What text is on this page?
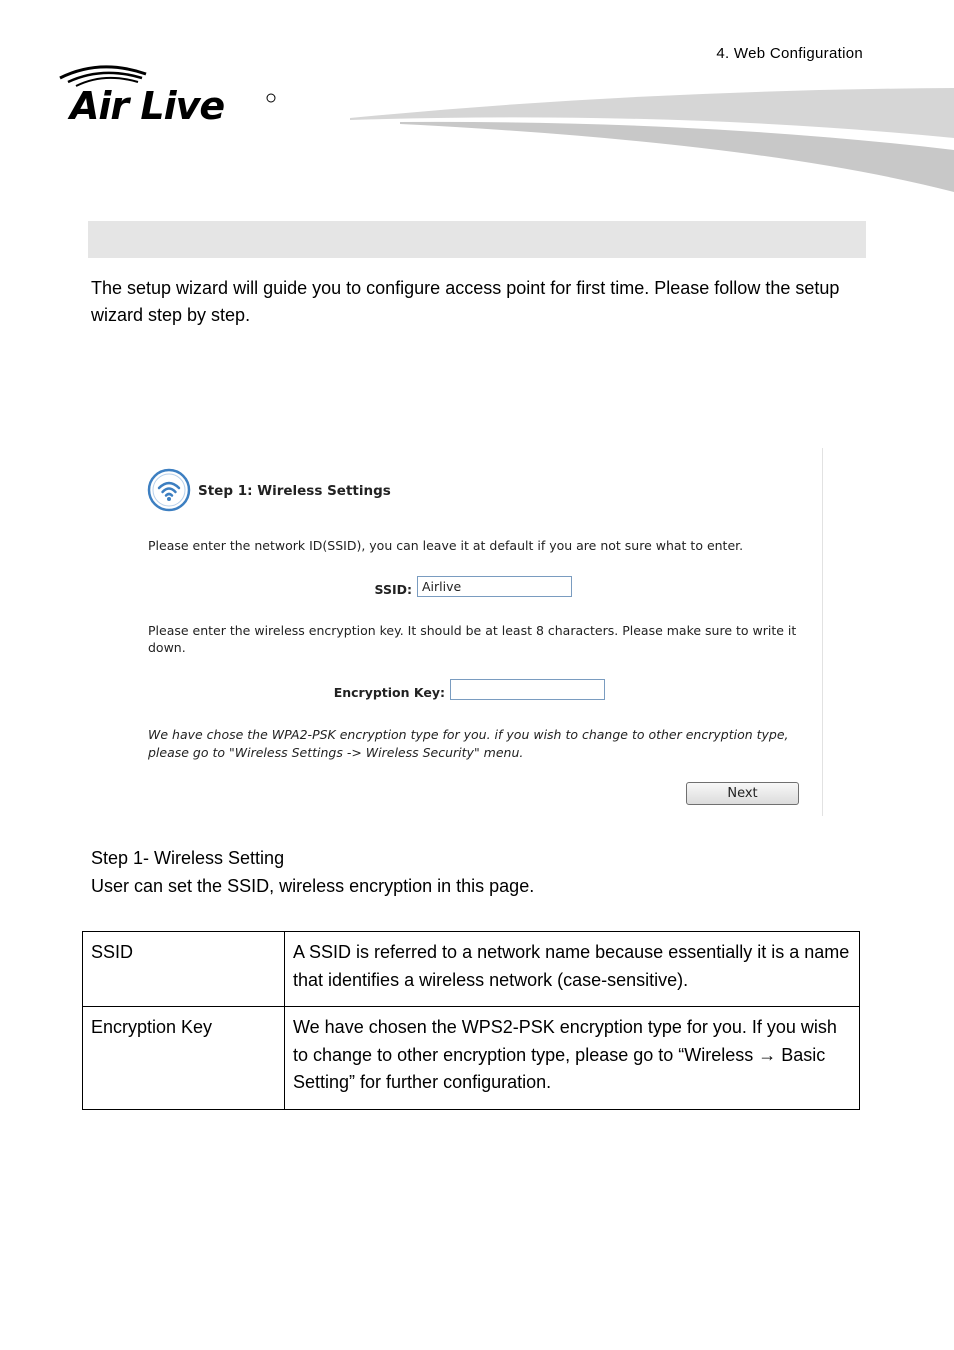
4. Web Configuration
Air Live

The setup wizard will guide you to configure access point for first time. Please follow the setup wizard step by step.

Step 1: Wireless Settings
Please enter the network ID(SSID), you can leave it at default if you are not sure what to enter.
SSID:
Airlive
Please enter the wireless encryption key. It should be at least 8 characters. Please make sure to write it down.
Encryption Key:
We have chose the WPA2-PSK encryption type for you. if you wish to change to other encryption type, please go to "Wireless Settings -> Wireless Security" menu.
Next

Step 1- Wireless Setting

User can set the SSID, wireless encryption in this page.

SSID	A SSID is referred to a network name because essentially it is a name that identifies a wireless network (case-sensitive).
Encryption Key	We have chosen the WPS2-PSK encryption type for you. If you wish to change to other encryption type, please go to “Wireless → Basic Setting” for further configuration.
